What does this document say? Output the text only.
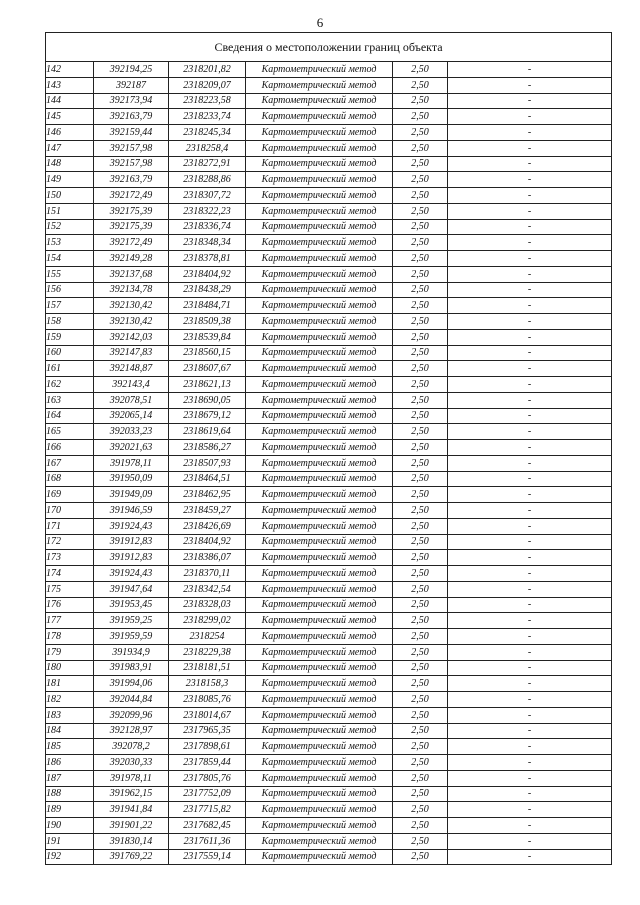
6
Сведения о местоположении границ объекта					
142	392194,25	2318201,82	Картометрический метод	2,50	-
143	392187	2318209,07	Картометрический метод	2,50	-
144	392173,94	2318223,58	Картометрический метод	2,50	-
145	392163,79	2318233,74	Картометрический метод	2,50	-
146	392159,44	2318245,34	Картометрический метод	2,50	-
147	392157,98	2318258,4	Картометрический метод	2,50	-
148	392157,98	2318272,91	Картометрический метод	2,50	-
149	392163,79	2318288,86	Картометрический метод	2,50	-
150	392172,49	2318307,72	Картометрический метод	2,50	-
151	392175,39	2318322,23	Картометрический метод	2,50	-
152	392175,39	2318336,74	Картометрический метод	2,50	-
153	392172,49	2318348,34	Картометрический метод	2,50	-
154	392149,28	2318378,81	Картометрический метод	2,50	-
155	392137,68	2318404,92	Картометрический метод	2,50	-
156	392134,78	2318438,29	Картометрический метод	2,50	-
157	392130,42	2318484,71	Картометрический метод	2,50	-
158	392130,42	2318509,38	Картометрический метод	2,50	-
159	392142,03	2318539,84	Картометрический метод	2,50	-
160	392147,83	2318560,15	Картометрический метод	2,50	-
161	392148,87	2318607,67	Картометрический метод	2,50	-
162	392143,4	2318621,13	Картометрический метод	2,50	-
163	392078,51	2318690,05	Картометрический метод	2,50	-
164	392065,14	2318679,12	Картометрический метод	2,50	-
165	392033,23	2318619,64	Картометрический метод	2,50	-
166	392021,63	2318586,27	Картометрический метод	2,50	-
167	391978,11	2318507,93	Картометрический метод	2,50	-
168	391950,09	2318464,51	Картометрический метод	2,50	-
169	391949,09	2318462,95	Картометрический метод	2,50	-
170	391946,59	2318459,27	Картометрический метод	2,50	-
171	391924,43	2318426,69	Картометрический метод	2,50	-
172	391912,83	2318404,92	Картометрический метод	2,50	-
173	391912,83	2318386,07	Картометрический метод	2,50	-
174	391924,43	2318370,11	Картометрический метод	2,50	-
175	391947,64	2318342,54	Картометрический метод	2,50	-
176	391953,45	2318328,03	Картометрический метод	2,50	-
177	391959,25	2318299,02	Картометрический метод	2,50	-
178	391959,59	2318254	Картометрический метод	2,50	-
179	391934,9	2318229,38	Картометрический метод	2,50	-
180	391983,91	2318181,51	Картометрический метод	2,50	-
181	391994,06	2318158,3	Картометрический метод	2,50	-
182	392044,84	2318085,76	Картометрический метод	2,50	-
183	392099,96	2318014,67	Картометрический метод	2,50	-
184	392128,97	2317965,35	Картометрический метод	2,50	-
185	392078,2	2317898,61	Картометрический метод	2,50	-
186	392030,33	2317859,44	Картометрический метод	2,50	-
187	391978,11	2317805,76	Картометрический метод	2,50	-
188	391962,15	2317752,09	Картометрический метод	2,50	-
189	391941,84	2317715,82	Картометрический метод	2,50	-
190	391901,22	2317682,45	Картометрический метод	2,50	-
191	391830,14	2317611,36	Картометрический метод	2,50	-
192	391769,22	2317559,14	Картометрический метод	2,50	-
